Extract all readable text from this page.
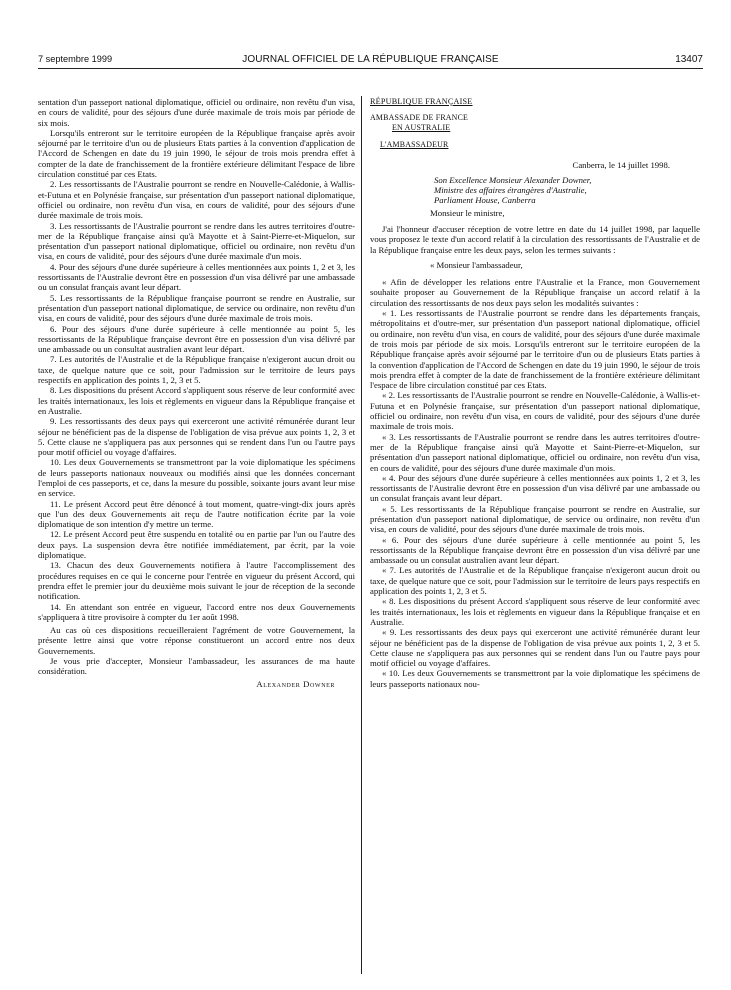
7 septembre 1999	JOURNAL OFFICIEL DE LA RÉPUBLIQUE FRANÇAISE	13407

sentation d'un passeport national diplomatique, officiel ou ordinaire, non revêtu d'un visa, en cours de validité, pour des séjours d'une durée maximale de trois mois par période de six mois.

Lorsqu'ils entreront sur le territoire européen de la République française après avoir séjourné par le territoire d'un ou de plusieurs Etats parties à la convention d'application de l'Accord de Schengen en date du 19 juin 1990, le séjour de trois mois prendra effet à compter de la date de franchissement de la frontière extérieure délimitant l'espace de libre circulation constitué par ces Etats.

2. Les ressortissants de l'Australie pourront se rendre en Nouvelle-Calédonie, à Wallis-et-Futuna et en Polynésie française, sur présentation d'un passeport national diplomatique, officiel ou ordinaire, non revêtu d'un visa, en cours de validité, pour des séjours d'une durée maximale de trois mois.

3. Les ressortissants de l'Australie pourront se rendre dans les autres territoires d'outre-mer de la République française ainsi qu'à Mayotte et à Saint-Pierre-et-Miquelon, sur présentation d'un passeport national diplomatique, officiel ou ordinaire, non revêtu d'un visa, en cours de validité, pour des séjours d'une durée maximale d'un mois.

4. Pour des séjours d'une durée supérieure à celles mentionnées aux points 1, 2 et 3, les ressortissants de l'Australie devront être en possession d'un visa délivré par une ambassade ou un consulat français avant leur départ.

5. Les ressortissants de la République française pourront se rendre en Australie, sur présentation d'un passeport national diplomatique, de service ou ordinaire, non revêtu d'un visa, en cours de validité, pour des séjours d'une durée maximale de trois mois.

6. Pour des séjours d'une durée supérieure à celle mentionnée au point 5, les ressortissants de la République française devront être en possession d'un visa délivré par une ambassade ou un consultat australien avant leur départ.

7. Les autorités de l'Australie et de la République française n'exigeront aucun droit ou taxe, de quelque nature que ce soit, pour l'admission sur le territoire de leurs pays respectifs en application des points 1, 2, 3 et 5.

8. Les dispositions du présent Accord s'appliquent sous réserve de leur conformité avec les traités internationaux, les lois et règlements en vigueur dans la République française et en Australie.

9. Les ressortissants des deux pays qui exerceront une activité rémunérée durant leur séjour ne bénéficient pas de la dispense de l'obligation de visa prévue aux points 1, 2, 3 et 5. Cette clause ne s'appliquera pas aux personnes qui se rendent dans l'un ou l'autre pays pour motif officiel ou voyage d'affaires.

10. Les deux Gouvernements se transmettront par la voie diplomatique les spécimens de leurs passeports nationaux nouveaux ou modifiés ainsi que les données concernant l'emploi de ces passeports, et ce, dans la mesure du possible, soixante jours avant leur mise en service.

11. Le présent Accord peut être dénoncé à tout moment, quatre-vingt-dix jours après que l'un des deux Gouvernements ait reçu de l'autre notification écrite par la voie diplomatique de son intention d'y mettre un terme.

12. Le présent Accord peut être suspendu en totalité ou en partie par l'un ou l'autre des deux pays. La suspension devra être notifiée immédiatement, par écrit, par la voie diplomatique.

13. Chacun des deux Gouvernements notifiera à l'autre l'accomplissement des procédures requises en ce qui le concerne pour l'entrée en vigueur du présent Accord, qui prendra effet le premier jour du deuxième mois suivant le jour de réception de la seconde notification.

14. En attendant son entrée en vigueur, l'accord entre nos deux Gouvernements s'appliquera à titre provisoire à compter du 1er août 1998.

Au cas où ces dispositions recueilleraient l'agrément de votre Gouvernement, la présente lettre ainsi que votre réponse constitueront un accord entre nos deux Gouvernements.

Je vous prie d'accepter, Monsieur l'ambassadeur, les assurances de ma haute considération.

Alexander Downer
RÉPUBLIQUE FRANÇAISE
AMBASSADE DE FRANCE
EN AUSTRALIE
L'AMBASSADEUR
Canberra, le 14 juillet 1998.
Son Excellence Monsieur Alexander Downer,
Ministre des affaires étrangères d'Australie,
Parliament House, Canberra
Monsieur le ministre,

J'ai l'honneur d'accuser réception de votre lettre en date du 14 juillet 1998, par laquelle vous proposez le texte d'un accord relatif à la circulation des ressortissants de l'Australie et de la République française entre les deux pays, selon les termes suivants :

« Monsieur l'ambassadeur,

« Afin de développer les relations entre l'Australie et la France, mon Gouvernement souhaite proposer au Gouvernement de la République française un accord relatif à la circulation des ressortissants de nos deux pays selon les modalités suivantes :

« 1. Les ressortissants de l'Australie pourront se rendre dans les départements français, métropolitains et d'outre-mer, sur présentation d'un passeport national diplomatique, officiel ou ordinaire, non revêtu d'un visa, en cours de validité, pour des séjours d'une durée maximale de trois mois par période de six mois. Lorsqu'ils entreront sur le territoire européen de la République française après avoir séjourné par le territoire d'un ou de plusieurs Etats parties à la convention d'application de l'Accord de Schengen en date du 19 juin 1990, le séjour de trois mois prendra effet à compter de la date de franchissement de la frontière extérieure délimitant l'espace de libre circulation constitué par ces Etats.

« 2. Les ressortissants de l'Australie pourront se rendre en Nouvelle-Calédonie, à Wallis-et-Futuna et en Polynésie française, sur présentation d'un passeport national diplomatique, officiel ou ordinaire, non revêtu d'un visa, en cours de validité, pour des séjours d'une durée maximale de trois mois.

« 3. Les ressortissants de l'Australie pourront se rendre dans les autres territoires d'outre-mer de la République française ainsi qu'à Mayotte et Saint-Pierre-et-Miquelon, sur présentation d'un passeport national diplomatique, officiel ou ordinaire, non revêtu d'un visa, en cours de validité, pour des séjours d'une durée maximale d'un mois.

« 4. Pour des séjours d'une durée supérieure à celles mentionnées aux points 1, 2 et 3, les ressortissants de l'Australie devront être en possession d'un visa délivré par une ambassade ou un consulat français avant leur départ.

« 5. Les ressortissants de la République française pourront se rendre en Australie, sur présentation d'un passeport national diplomatique, de service ou ordinaire, non revêtu d'un visa, en cours de validité, pour des séjours d'une durée maximale de trois mois.

« 6. Pour des séjours d'une durée supérieure à celle mentionnée au point 5, les ressortissants de la République française devront être en possession d'un visa délivré par une ambassade ou un consulat australien avant leur départ.

« 7. Les autorités de l'Australie et de la République française n'exigeront aucun droit ou taxe, de quelque nature que ce soit, pour l'admission sur le territoire de leurs pays respectifs en application des points 1, 2, 3 et 5.

« 8. Les dispositions du présent Accord s'appliquent sous réserve de leur conformité avec les traités internationaux, les lois et règlements en vigueur dans la République française et en Australie.

« 9. Les ressortissants des deux pays qui exerceront une activité rémunérée durant leur séjour ne bénéficient pas de la dispense de l'obligation de visa prévue aux points 1, 2, 3 et 5. Cette clause ne s'appliquera pas aux personnes qui se rendent dans l'un ou l'autre pays pour motif officiel ou voyage d'affaires.

« 10. Les deux Gouvernements se transmettront par la voie diplomatique les spécimens de leurs passeports nationaux nou-
